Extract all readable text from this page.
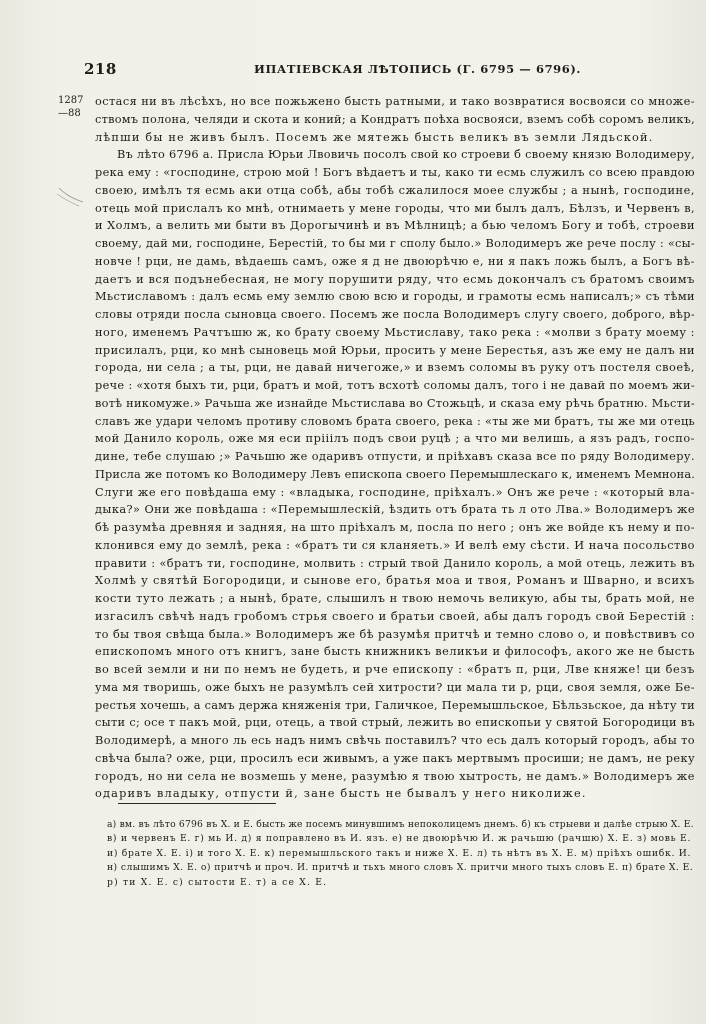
218	ИПАТІЕВСКАЯ ЛѢТОПИСЬ (Г. 6795 — 6796).
1287
—88
остася ни въ лѣсѣхъ, но все пожьжено бысть ратными, и тако возвратися восвояси со множе-
ствомъ полона, челяди и скота и коний; а Кондратъ поѣха восвояси, вземъ собѣ соромъ великъ,
лѣпши бы не живъ былъ. Посемъ же мятежь бысть великъ въ земли Лядьской.
Въ лѣто 6796 а. Присла Юрьи Лвовичь посолъ свой ко строеви б своему князю Володимеру,
река ему : «господине, строю мой ! Богъ вѣдаетъ и ты, како ти есмь служилъ со всею правдою
своею, имѣлъ тя есмь аки отца собѣ, абы тобѣ сжалилося моее службы ; а нынѣ, господине,
отець мой прислалъ ко мнѣ, отнимаеть у мене городы, что ми былъ далъ, Бѣлзъ, и Червенъ в,
и Холмъ, а велить ми быти въ Дорогычинѣ и въ Мѣлницѣ; а бью челомъ Богу и тобѣ, строеви
своему, дай ми, господине, Берестій, то бы ми г сполу было.» Володимеръ же рече послу : «сы-
новче ! рци, не дамь, вѣдаешь самъ, оже я д не двоюрѣчю е, ни я пакъ ложь былъ, а Богъ вѣ-
даетъ и вся подънебесная, не могу порушити ряду, что есмь докончалъ съ братомъ своимъ
Мьстиславомъ : далъ есмь ему землю свою всю и городы, и грамоты есмь написалъ;» съ тѣми
словы отряди посла сыновца своего. Посемъ же посла Володимеръ слугу своего, доброго, вѣр-
ного, именемъ Рачтъшю ж, ко брату своему Мьстиславу, тако река : «молви з брату моему :
присилалъ, рци, ко мнѣ сыновець мой Юрьи, просить у мене Берестья, азъ же ему не далъ ни
города, ни села ; а ты, рци, не давай ничегоже,» и вземъ соломы въ руку отъ постеля своеѣ,
рече : «хотя быхъ ти, рци, братъ и мой, тотъ всхотѣ соломы далъ, того і не давай по моемъ жи-
вотѣ никомуже.» Рачьша же изнайде Мьстислава во Стожьцѣ, и сказа ему рѣчь братню. Мьсти-
славъ же удари челомъ противу словомъ брата своего, река : «ты же ми братъ, ты же ми отець
мой Данило король, оже мя еси прііілъ подъ свои руцѣ ; а что ми велишь, а язъ радъ, госпо-
дине, тебе слушаю ;» Рачьшю же одаривъ отпусти, и пріѣхавъ сказа все по ряду Володимеру.
Присла же потомъ ко Володимеру Левъ епископа своего Перемышлескаго к, именемъ Мемнона.
Слуги же его повѣдаша ему : «владыка, господине, пріѣхалъ.» Онъ же рече : «который вла-
дыка?» Они же повѣдаша : «Перемышлескій, ѣздить отъ брата ть л ото Лва.» Володимеръ же
бѣ разумѣа древняя и задняя, на што пріѣхалъ м, посла по него ; онъ же войде къ нему и по-
клонився ему до землѣ, река : «братъ ти ся кланяеть.» И велѣ ему сѣсти. И нача посольство
правити : «братъ ти, господине, молвить : стрый твой Данило король, а мой отець, лежить въ
Холмѣ у святѣй Богородици, и сынове его, братья моа и твоя, Романъ и Шварно, и всихъ
кости туто лежать ; а нынѣ, брате, слышилъ н твою немочь великую, абы ты, брать мой, не
изгасилъ свѣчѣ надъ гробомъ стрья своего и братьи своей, абы далъ городъ свой Берестій :
то бы твоя свѣща была.» Володимеръ же бѣ разумѣя притчѣ и темно слово о, и повѣствивъ со
епископомъ много отъ книгъ, зане бысть книжникъ великъи и философъ, акого же не бысть
во всей земли и ни по немъ не будеть, и рче епископу : «братъ п, рци, Лве княже! ци безъ
ума мя творишь, оже быхъ не разумѣлъ сей хитрости? ци мала ти р, рци, своя земля, оже Бе-
рестья хочешь, а самъ держа княженія три, Галичкое, Перемышльское, Бѣльзьское, да нѣту ти
сыти с; осе т пакъ мой, рци, отець, а твой стрый, лежить во епископьи у святой Богородици въ
Володимерѣ, а много ль есь надъ нимъ свѣчь поставилъ? что есь далъ который городъ, абы то
свѣча была? оже, рци, просилъ еси живымъ, а уже пакъ мертвымъ просиши; не дамъ, не реку
городъ, но ни села не возмешь у мене, разумѣю я твою хытрость, не дамъ.» Володимеръ же
одаривъ владыку, отпусти й, зане бысть не бывалъ у него николиже.
а) вм. въ лѣто 6796 въ Х. и Е. бысть же посемъ минувшимъ непоколицемъ днемъ. б) къ стрыеви и далѣе стрыю Х. Е.
в) и червенъ Е. г) мь И. д) я поправлено въ И. язъ. е) не двоюрѣчю И. ж рачьшю (рачшю) Х. Е. з) мовь Е.
и) брате Х. Е. і) и того Х. Е. к) перемышльского такъ и ниже Х. Е. л) ть нѣтъ въ Х. Е. м) пріѣхъ ошибк. И.
н) слышимъ Х. Е. о) притчѣ и проч. И. притчѣ и тьхъ много словъ Х. притчи много тыхъ словъ Е. п) брате Х. Е.
р) ти Х. Е. с) сытости Е. т) а се Х. Е.
